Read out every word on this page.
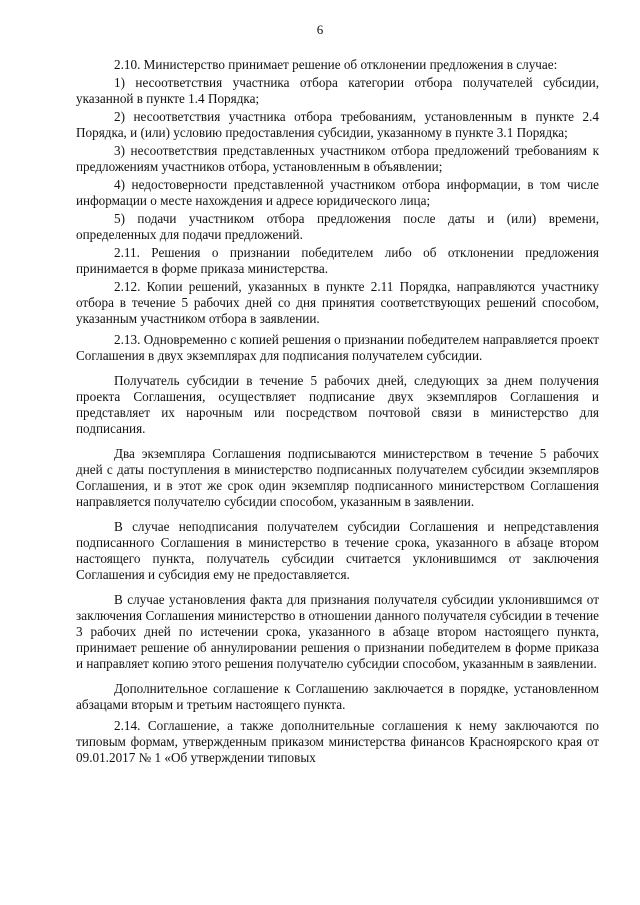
6

2.10. Министерство принимает решение об отклонении предложения в случае:

1) несоответствия участника отбора категории отбора получателей субсидии, указанной в пункте 1.4 Порядка;

2) несоответствия участника отбора требованиям, установленным в пункте 2.4 Порядка, и (или) условию предоставления субсидии, указанному в пункте 3.1 Порядка;

3) несоответствия представленных участником отбора предложений требованиям к предложениям участников отбора, установленным в объявлении;

4) недостоверности представленной участником отбора информации, в том числе информации о месте нахождения и адресе юридического лица;

5) подачи участником отбора предложения после даты и (или) времени, определенных для подачи предложений.

2.11. Решения о признании победителем либо об отклонении предложения принимается в форме приказа министерства.

2.12. Копии решений, указанных в пункте 2.11 Порядка, направляются участнику отбора в течение 5 рабочих дней со дня принятия соответствующих решений способом, указанным участником отбора в заявлении.

2.13. Одновременно с копией решения о признании победителем направляется проект Соглашения в двух экземплярах для подписания получателем субсидии.

Получатель субсидии в течение 5 рабочих дней, следующих за днем получения проекта Соглашения, осуществляет подписание двух экземпляров Соглашения и представляет их нарочным или посредством почтовой связи в министерство для подписания.

Два экземпляра Соглашения подписываются министерством в течение 5 рабочих дней с даты поступления в министерство подписанных получателем субсидии экземпляров Соглашения, и в этот же срок один экземпляр подписанного министерством Соглашения направляется получателю субсидии способом, указанным в заявлении.

В случае неподписания получателем субсидии Соглашения и непредставления подписанного Соглашения в министерство в течение срока, указанного в абзаце втором настоящего пункта, получатель субсидии считается уклонившимся от заключения Соглашения и субсидия ему не предоставляется.

В случае установления факта для признания получателя субсидии уклонившимся от заключения Соглашения министерство в отношении данного получателя субсидии в течение 3 рабочих дней по истечении срока, указанного в абзаце втором настоящего пункта, принимает решение об аннулировании решения о признании победителем в форме приказа и направляет копию этого решения получателю субсидии способом, указанным в заявлении.

Дополнительное соглашение к Соглашению заключается в порядке, установленном абзацами вторым и третьим настоящего пункта.

2.14. Соглашение, а также дополнительные соглашения к нему заключаются по типовым формам, утвержденным приказом министерства финансов Красноярского края от 09.01.2017 № 1 «Об утверждении типовых
